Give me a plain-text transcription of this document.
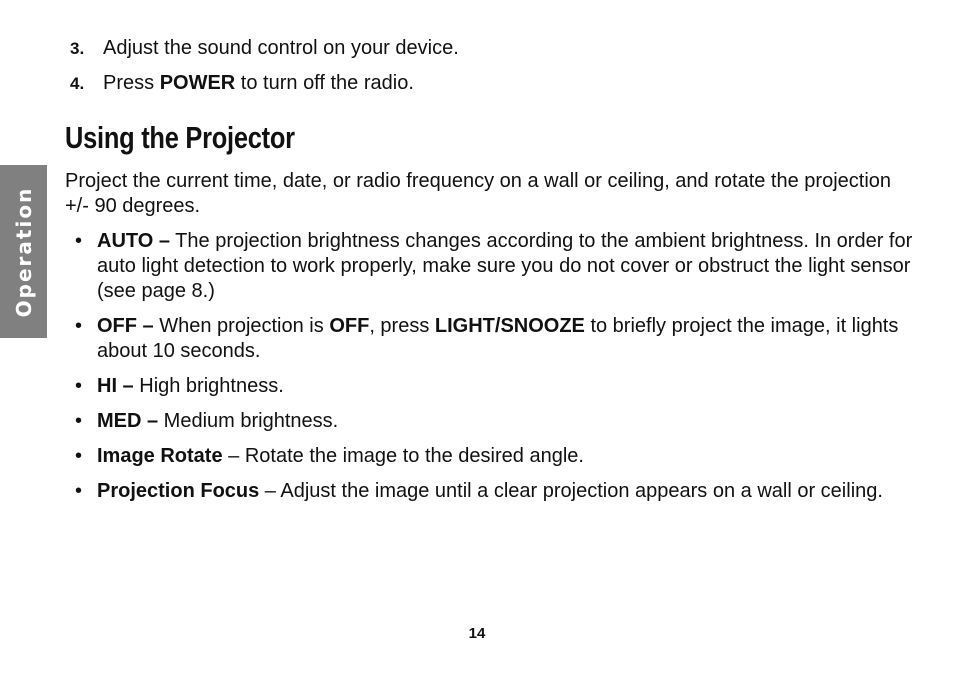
Operation
3. Adjust the sound control on your device.
4. Press POWER to turn off the radio.
Using the Projector

Project the current time, date, or radio frequency on a wall or ceiling, and rotate the projection +/- 90 degrees.

• AUTO – The projection brightness changes according to the ambient brightness. In order for auto light detection to work properly, make sure you do not cover or obstruct the light sensor (see page 8.)
• OFF – When projection is OFF, press LIGHT/SNOOZE to briefly project the image, it lights about 10 seconds.
• HI – High brightness.
• MED – Medium brightness.
• Image Rotate – Rotate the image to the desired angle.
• Projection Focus – Adjust the image until a clear projection appears on a wall or ceiling.
14
